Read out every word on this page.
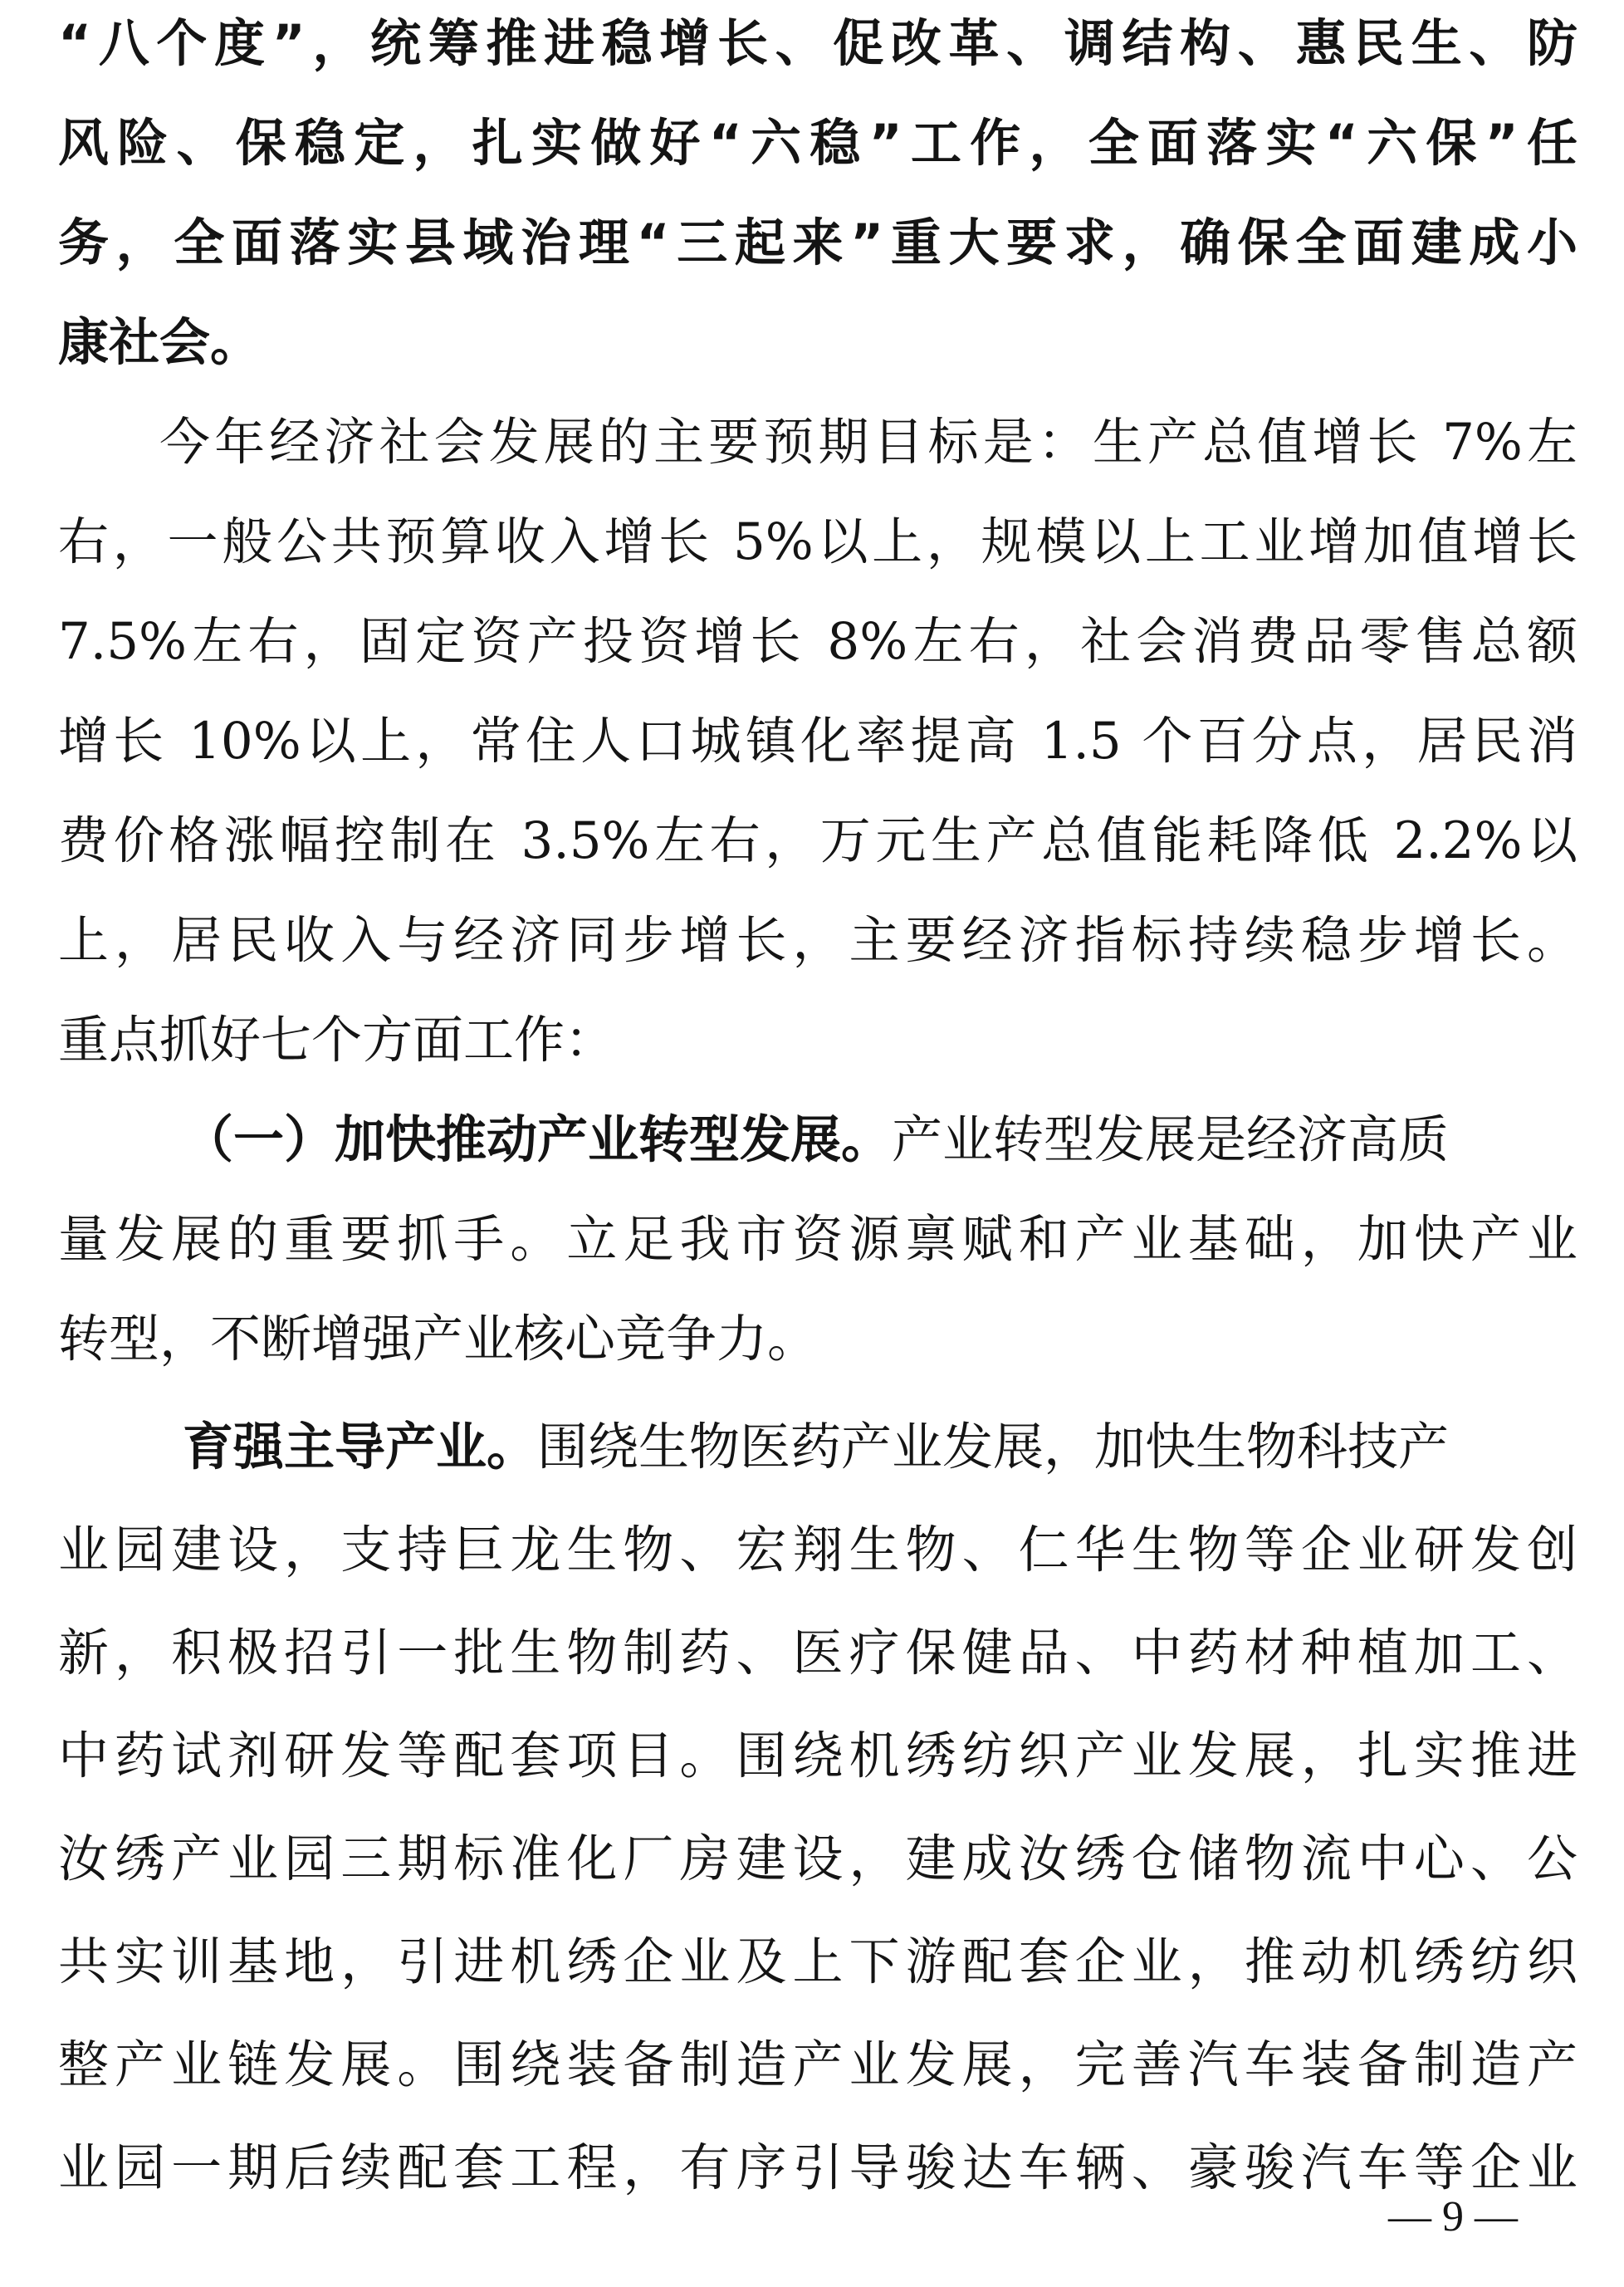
“八个度”，统筹推进稳增长、促改革、调结构、惠民生、防
风险、保稳定，扎实做好“六稳”工作，全面落实“六保”任
务，全面落实县域治理“三起来”重大要求，确保全面建成小
康社会。
今年经济社会发展的主要预期目标是：生产总值增长 7%左
右，一般公共预算收入增长 5%以上，规模以上工业增加值增长
7.5%左右，固定资产投资增长 8%左右，社会消费品零售总额
增长 10%以上，常住人口城镇化率提高 1.5 个百分点，居民消
费价格涨幅控制在 3.5%左右，万元生产总值能耗降低 2.2%以
上，居民收入与经济同步增长，主要经济指标持续稳步增长。
重点抓好七个方面工作：
（一）加快推动产业转型发展。产业转型发展是经济高质
量发展的重要抓手。立足我市资源禀赋和产业基础，加快产业
转型，不断增强产业核心竞争力。
育强主导产业。围绕生物医药产业发展，加快生物科技产
业园建设，支持巨龙生物、宏翔生物、仁华生物等企业研发创
新，积极招引一批生物制药、医疗保健品、中药材种植加工、
中药试剂研发等配套项目。围绕机绣纺织产业发展，扎实推进
汝绣产业园三期标准化厂房建设，建成汝绣仓储物流中心、公
共实训基地，引进机绣企业及上下游配套企业，推动机绣纺织
整产业链发展。围绕装备制造产业发展，完善汽车装备制造产
业园一期后续配套工程，有序引导骏达车辆、豪骏汽车等企业
— 9 —
